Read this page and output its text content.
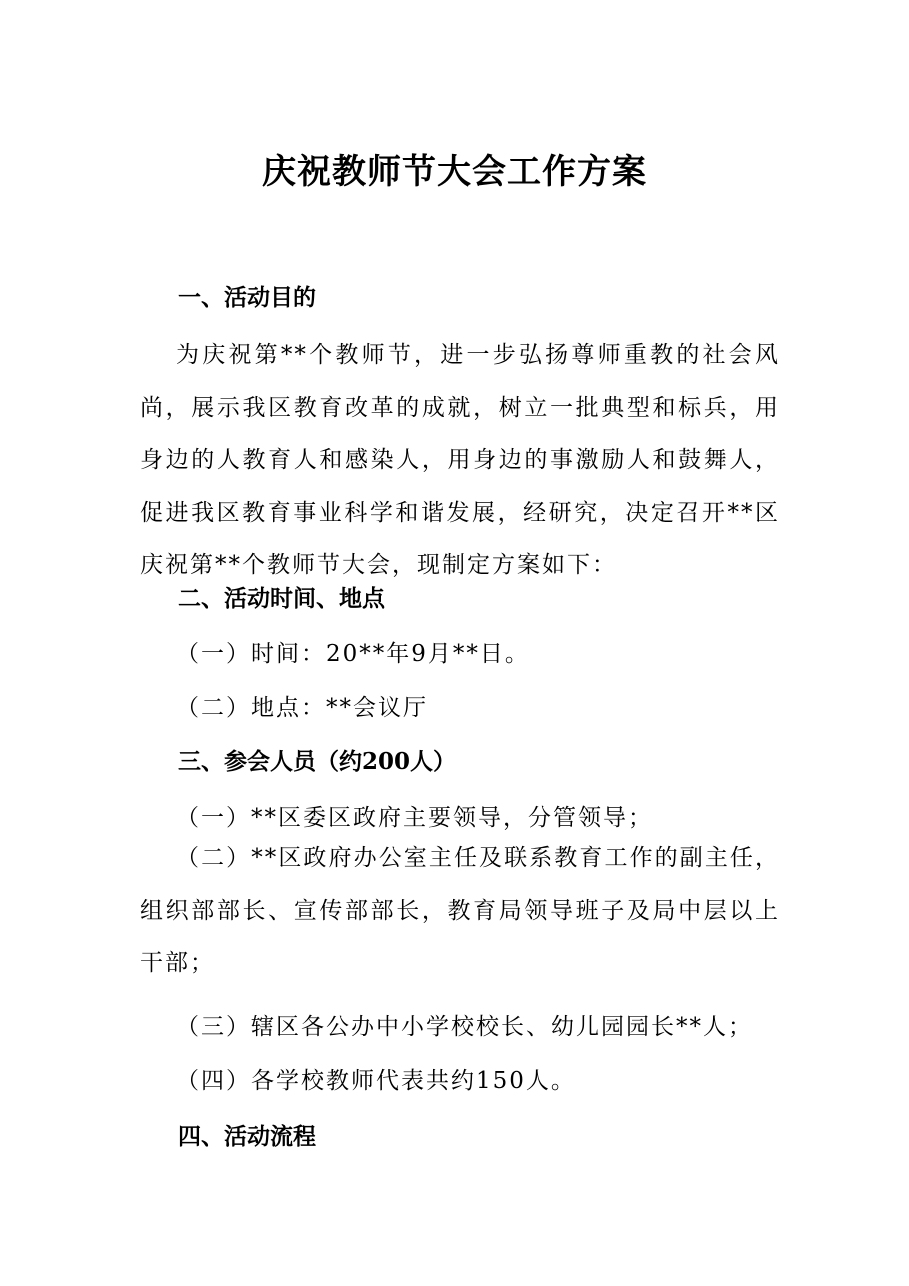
庆祝教师节大会工作方案
一、活动目的
为庆祝第**个教师节，进一步弘扬尊师重教的社会风尚，展示我区教育改革的成就，树立一批典型和标兵，用身边的人教育人和感染人，用身边的事激励人和鼓舞人，促进我区教育事业科学和谐发展，经研究，决定召开**区庆祝第**个教师节大会，现制定方案如下：
二、活动时间、地点
（一）时间：20**年9月**日。
（二）地点：**会议厅
三、参会人员（约200人）
（一）**区委区政府主要领导，分管领导；
（二）**区政府办公室主任及联系教育工作的副主任，组织部部长、宣传部部长，教育局领导班子及局中层以上干部；
（三）辖区各公办中小学校校长、幼儿园园长**人；
（四）各学校教师代表共约150人。
四、活动流程
